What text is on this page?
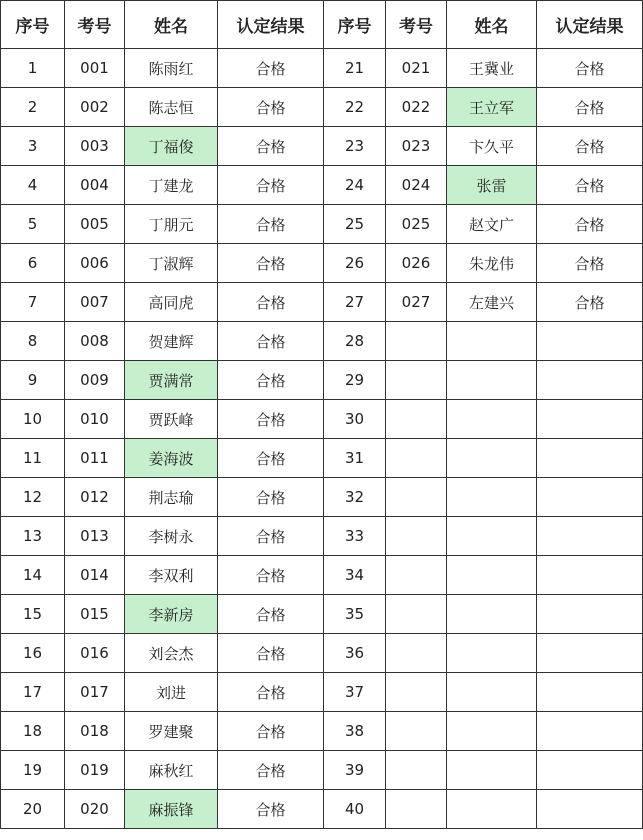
序号	考号	姓名	认定结果	序号	考号	姓名	认定结果
1	001	陈雨红	合格	21	021	王冀业	合格
2	002	陈志恒	合格	22	022	王立军	合格
3	003	丁福俊	合格	23	023	卞久平	合格
4	004	丁建龙	合格	24	024	张雷	合格
5	005	丁朋元	合格	25	025	赵文广	合格
6	006	丁淑辉	合格	26	026	朱龙伟	合格
7	007	高同虎	合格	27	027	左建兴	合格
8	008	贺建辉	合格	28			
9	009	贾满常	合格	29			
10	010	贾跃峰	合格	30			
11	011	姜海波	合格	31			
12	012	荆志瑜	合格	32			
13	013	李树永	合格	33			
14	014	李双利	合格	34			
15	015	李新房	合格	35			
16	016	刘会杰	合格	36			
17	017	刘进	合格	37			
18	018	罗建聚	合格	38			
19	019	麻秋红	合格	39			
20	020	麻振锋	合格	40			
